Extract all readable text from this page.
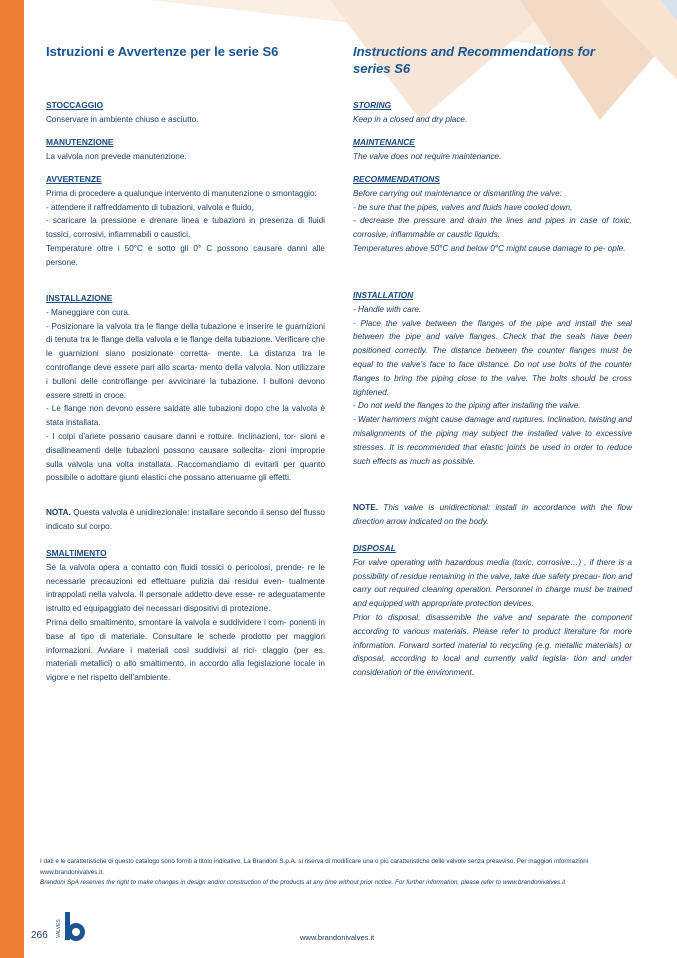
Istruzioni e Avvertenze per le serie S6
STOCCAGGIO

Conservare in ambiente chiuso e asciutto.

MANUTENZIONE

La valvola non prevede manutenzione.

AVVERTENZE

Prima di procedere a qualunque intervento di manutenzione o smontaggio:

- attendere il raffreddamento di tubazioni, valvola e fluido,

- scaricare la pressione e drenare linea e tubazioni in presenza di fluidi tossici, corrosivi, infiammabili o caustici.

Temperature oltre i 50°C e sotto gli 0° C possono causare danni alle persone.

INSTALLAZIONE

- Maneggiare con cura.

- Posizionare la valvola tra le flange della tubazione e inserire le guarnizioni di tenuta tra le flange della valvola e le flange della tubazione. Verificare che le guarnizioni siano posizionate corretta- mente. La distanza tra le controflange deve essere pari allo scarta- mento della valvola. Non utilizzare i bulloni delle controflange per avvicinare la tubazione. I bulloni devono essere stretti in croce.

- Le flange non devono essere saldate alle tubazioni dopo che la valvola è stata installata.

- I colpi d’ariete possano causare danni e rotture. Inclinazioni, tor- sioni e disallineamenti delle tubazioni possono causare sollecita- zioni improprie sulla valvola una volta installata. Raccomandiamo di evitarli per quanto possibile o adottare giunti elastici che possano attenuarne gli effetti.

NOTA. Questa valvola è unidirezionale: installare secondo il senso del flusso indicato sul corpo.

SMALTIMENTO

Se la valvola opera a contatto con fluidi tossici o pericolosi, prende- re le necessarie precauzioni ed effettuare pulizia dai residui even- tualmente intrappolati nella valvola. Il personale addetto deve esse- re adeguatamente istruito ed equipaggiato dei necessari dispositivi di protezione.

Prima dello smaltimento, smontare la valvola e suddividere i com- ponenti in base al tipo di materiale. Consultare le schede prodotto per maggiori informazioni. Avviare i materiali così suddivisi al rici- claggio (per es. materiali metallici) o allo smaltimento, in accordo alla legislazione locale in vigore e nel rispetto dell’ambiente.

Instructions and Recommendations for series S6
STORING

Keep in a closed and dry place.

MAINTENANCE

The valve does not require maintenance.

RECOMMENDATIONS

Before carrying out maintenance or dismantling the valve:

- be sure that the pipes, valves and fluids have cooled down,

- decrease the pressure and drain the lines and pipes in case of toxic, corrosive, inflammable or caustic liquids.

Temperatures above 50°C and below 0°C might cause damage to pe- ople.

INSTALLATION

- Handle with care.

- Place the valve between the flanges of the pipe and install the seal between the pipe and valve flanges. Check that the seals have been positioned correctly. The distance between the counter flanges must be equal to the valve’s face to face distance. Do not use bolts of the counter flanges to bring the piping close to the valve. The bolts should be cross tightened.

- Do not weld the flanges to the piping after installing the valve.

- Water hammers might cause damage and ruptures. Inclination, twisting and misalignments of the piping may subject the installed valve to excessive stresses. It is recommended that elastic joints be used in order to reduce such effects as much as possible.

NOTE. This valve is unidirectional: install in accordance with the flow direction arrow indicated on the body.

DISPOSAL

For valve operating with hazardous media (toxic, corrosive…) , if there is a possibility of residue remaining in the valve, take due safety precau- tion and carry out required cleaning operation. Personnel in charge must be trained and equipped with appropriate protection devices.

Prior to disposal, disassemble the valve and separate the component according to various materials. Please refer to product literature for more information. Forward sorted material to recycling (e.g. metallic materials) or disposal, according to local and currently valid legisla- tion and under consideration of the environment.

I dati e le caratteristiche di questo catalogo sono forniti a titolo indicativo. La Brandoni S.p.A. si riserva di modificare una o più caratteristiche delle valvole senza preavviso. Per maggiori informazioni www.brandonivalves.it.
Brandoni SpA reserves the right to make changes in design and/or construction of the products at any time without prior notice. For further information, please refer to www.brandonivalves.it
266 VALVES	www.brandonivalves.it
